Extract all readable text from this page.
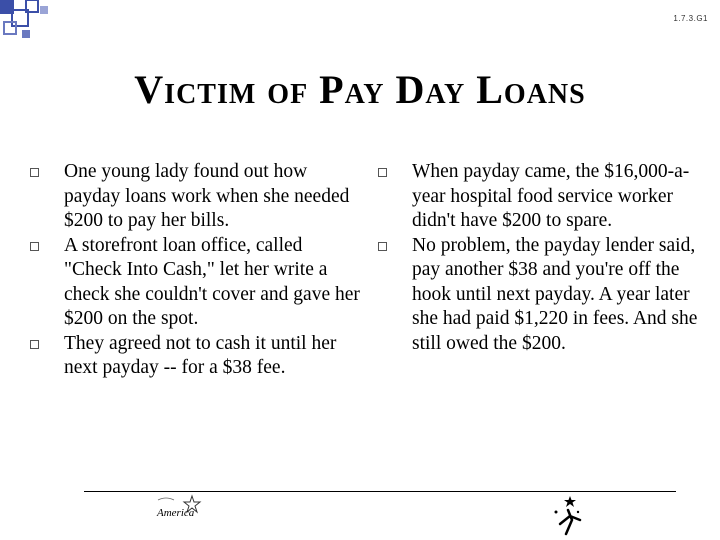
1.7.3.G1
Victim of Pay Day Loans
One young lady found out how payday loans work when she needed $200 to pay her bills.
A storefront loan office, called "Check Into Cash," let her write a check she couldn't cover and gave her $200 on the spot.
They agreed not to cash it until her next payday -- for a $38 fee.
When payday came, the $16,000-a-year hospital food service worker didn't have $200 to spare.
No problem, the payday lender said, pay another $38 and you're off the hook until next payday. A year later she had paid $1,220 in fees. And she still owed the $200.
America
